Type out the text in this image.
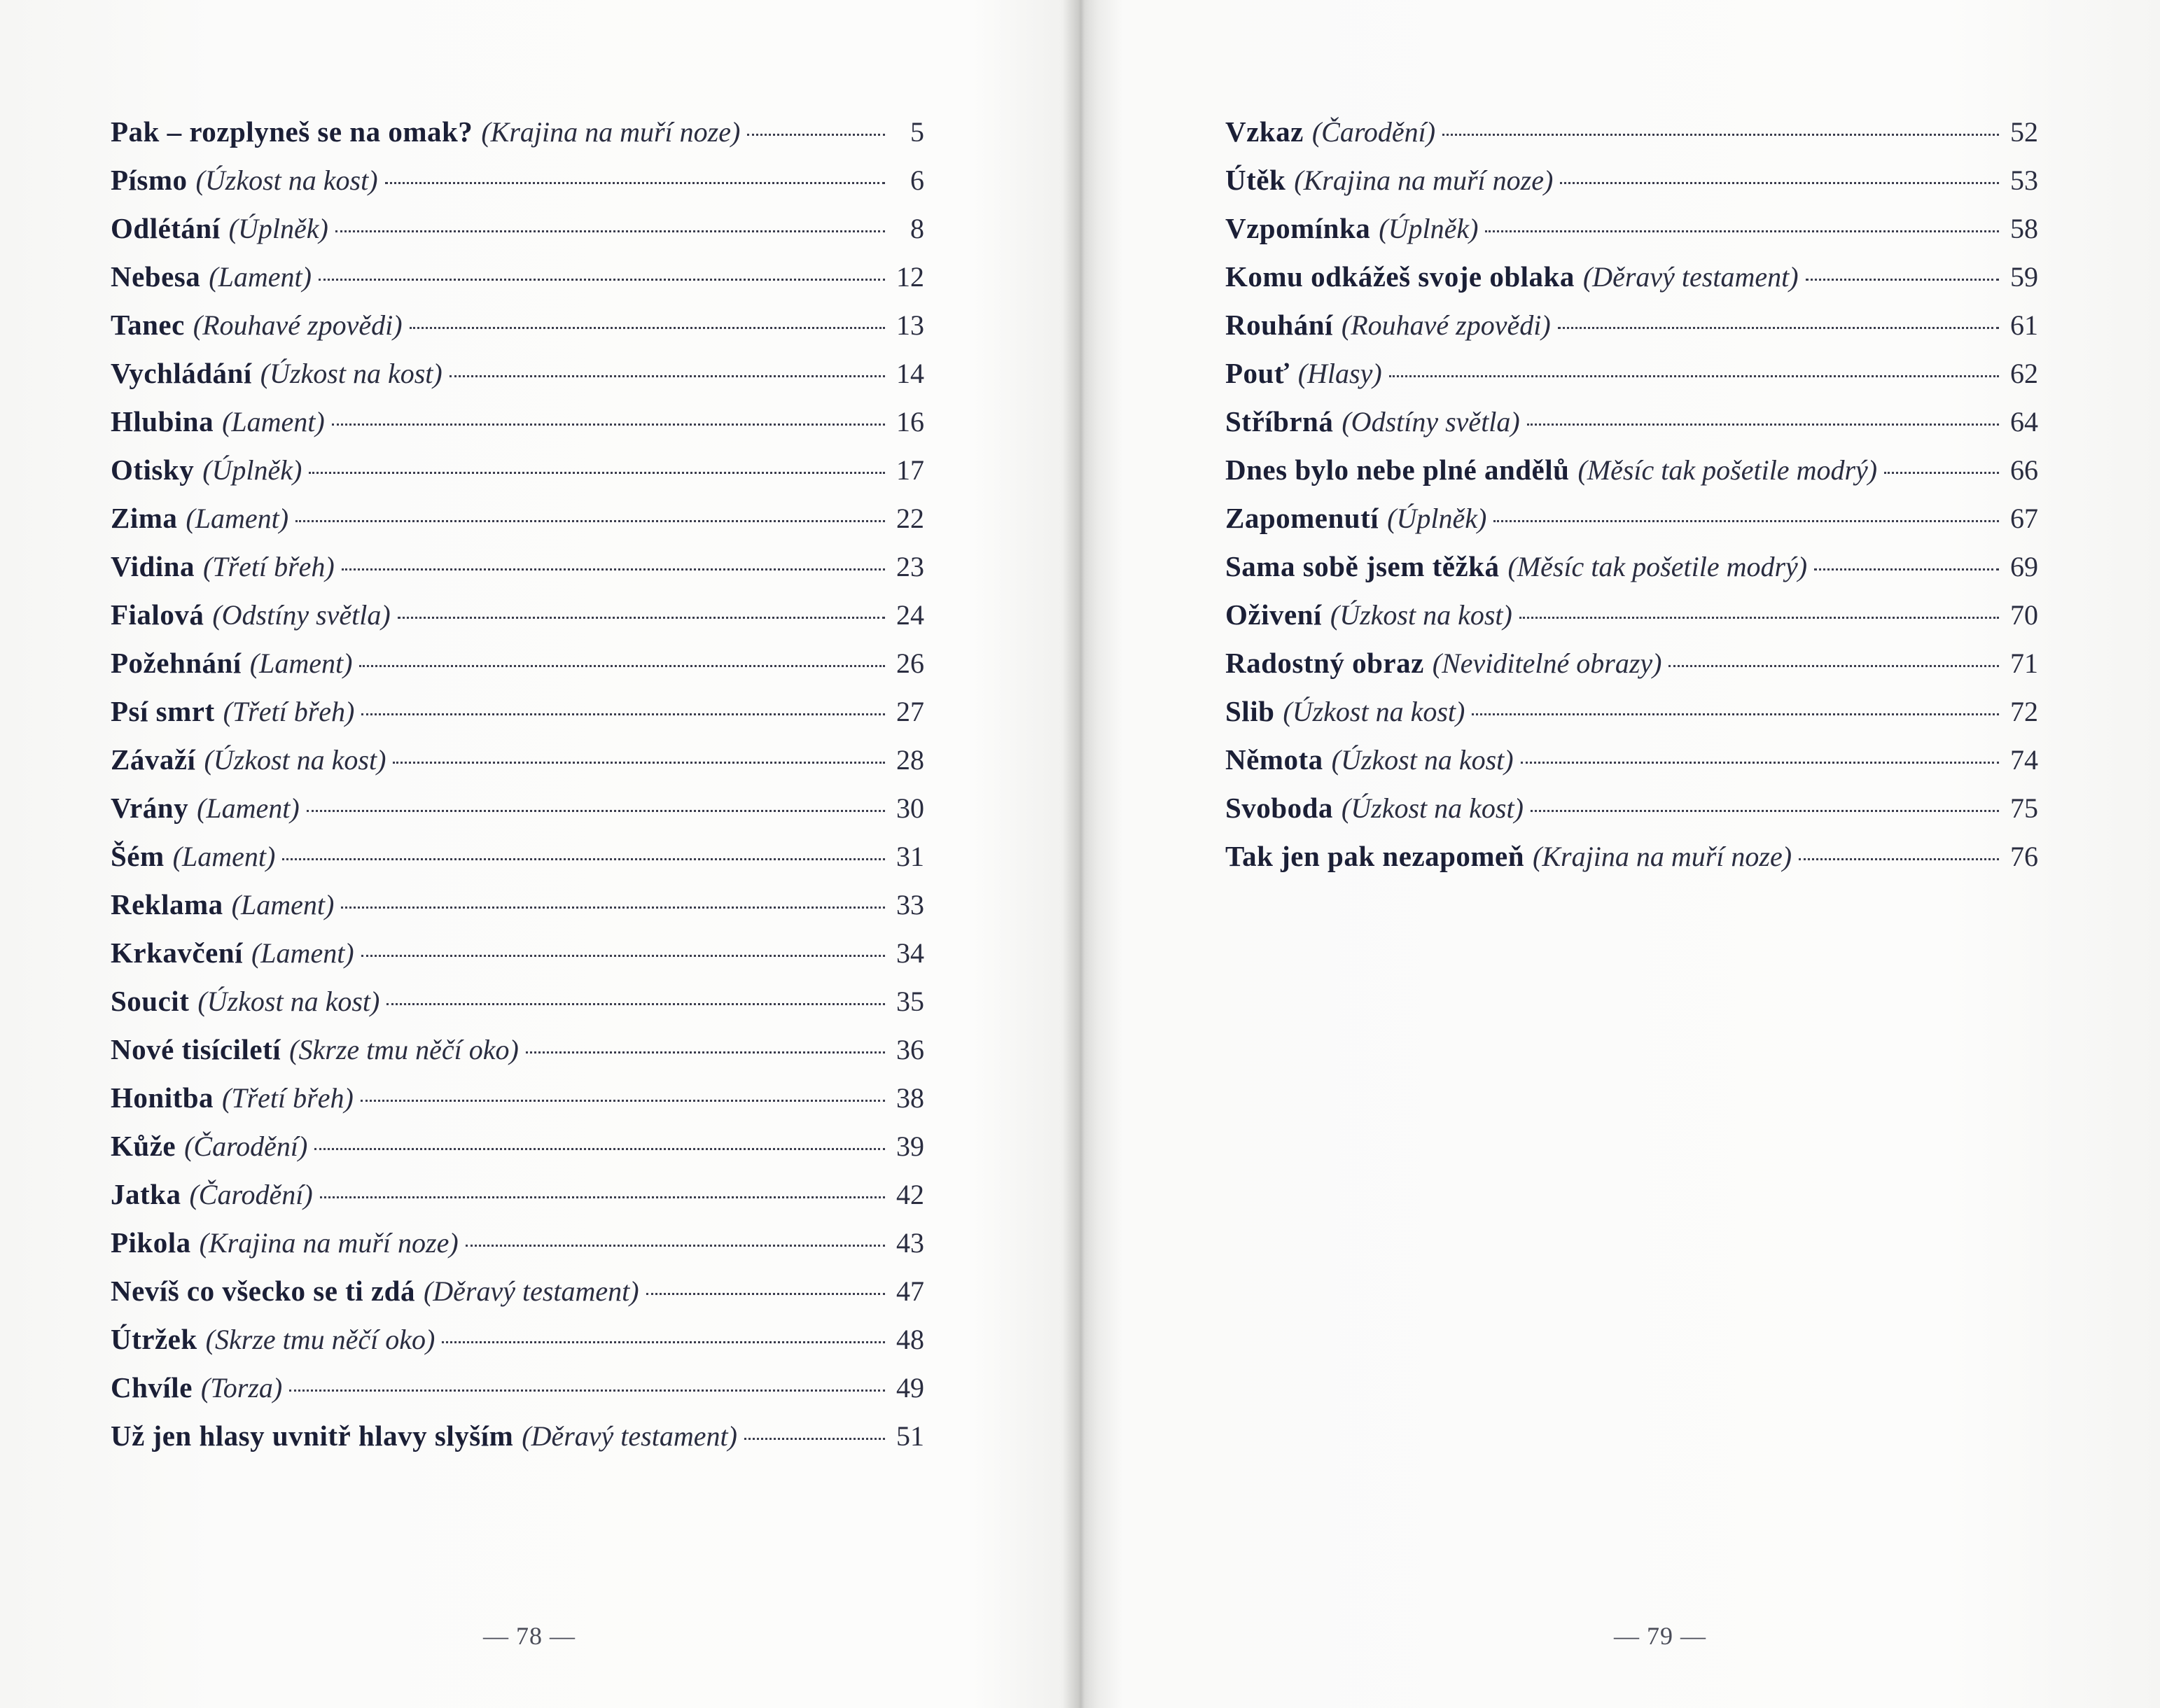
Pak – rozplyneš se na omak? (Krajina na muří noze)	5
Písmo (Úzkost na kost)	6
Odlétání (Úplněk)	8
Nebesa (Lament)	12
Tanec (Rouhavé zpovědi)	13
Vychládání (Úzkost na kost)	14
Hlubina (Lament)	16
Otisky (Úplněk)	17
Zima (Lament)	22
Vidina (Třetí břeh)	23
Fialová (Odstíny světla)	24
Požehnání (Lament)	26
Psí smrt (Třetí břeh)	27
Závaží (Úzkost na kost)	28
Vrány (Lament)	30
Šém (Lament)	31
Reklama (Lament)	33
Krkavčení (Lament)	34
Soucit (Úzkost na kost)	35
Nové tisíciletí (Skrze tmu něčí oko)	36
Honitba (Třetí břeh)	38
Kůže (Čarodění)	39
Jatka (Čarodění)	42
Pikola (Krajina na muří noze)	43
Nevíš co všecko se ti zdá (Děravý testament)	47
Útržek (Skrze tmu něčí oko)	48
Chvíle (Torza)	49
Už jen hlasy uvnitř hlavy slyším (Děravý testament)	51
— 78 —
Vzkaz (Čarodění)	52
Útěk (Krajina na muří noze)	53
Vzpomínka (Úplněk)	58
Komu odkážeš svoje oblaka (Děravý testament)	59
Rouhání (Rouhavé zpovědi)	61
Pouť (Hlasy)	62
Stříbrná (Odstíny světla)	64
Dnes bylo nebe plné andělů (Měsíc tak pošetile modrý)	66
Zapomenutí (Úplněk)	67
Sama sobě jsem těžká (Měsíc tak pošetile modrý)	69
Oživení (Úzkost na kost)	70
Radostný obraz (Neviditelné obrazy)	71
Slib (Úzkost na kost)	72
Němota (Úzkost na kost)	74
Svoboda (Úzkost na kost)	75
Tak jen pak nezapomeň (Krajina na muří noze)	76
— 79 —
